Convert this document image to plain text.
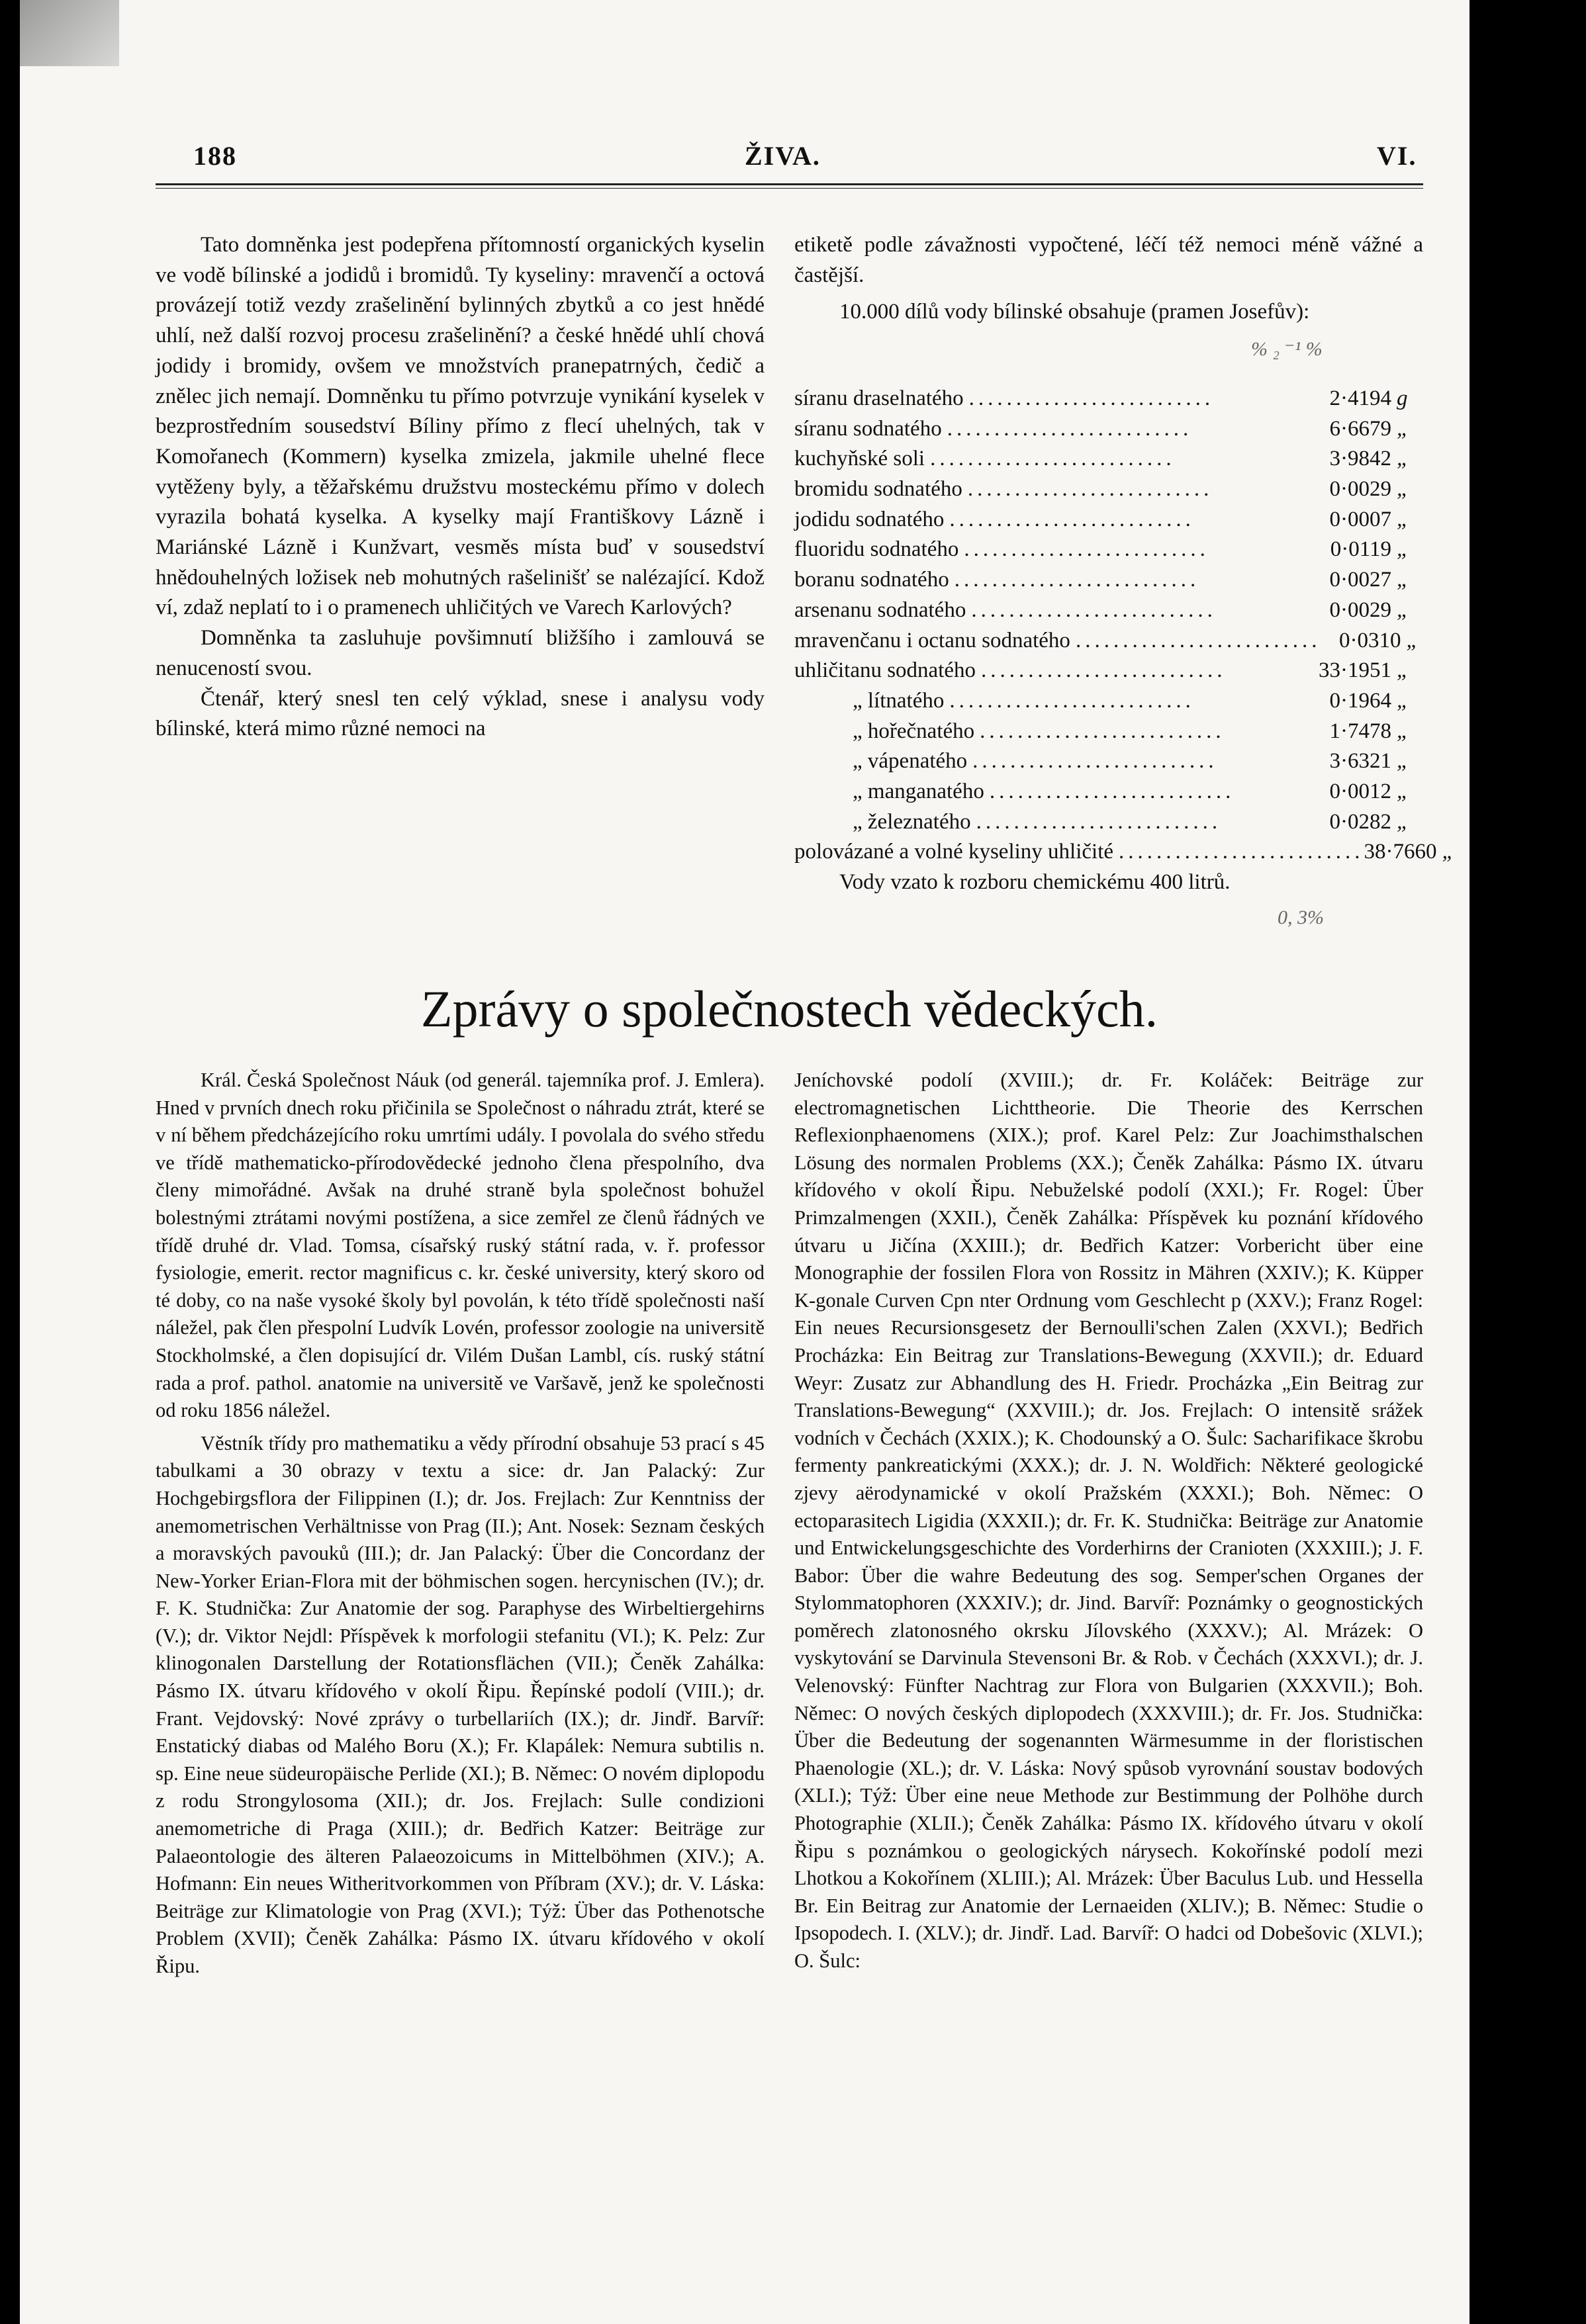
188	ŽIVA.	VI.

Tato domněnka jest podepřena přítomností organických kyselin ve vodě bílinské a jodidů i bromidů. Ty kyseliny: mravenčí a octová provázejí totiž vezdy zrašelinění bylinných zbytků a co jest hnědé uhlí, než další rozvoj procesu zrašelinění? a české hnědé uhlí chová jodidy i bromidy, ovšem ve množstvích pranepatrných, čedič a znělec jich nemají. Domněnku tu přímo potvrzuje vynikání kyselek v bezprostředním sousedství Bíliny přímo z flecí uhelných, tak v Komořanech (Kommern) kyselka zmizela, jakmile uhelné flece vytěženy byly, a těžařskému družstvu mosteckému přímo v dolech vyrazila bohatá kyselka. A kyselky mají Františkovy Lázně i Mariánské Lázně i Kunžvart, vesměs místa buď v sousedství hnědouhelných ložisek neb mohutných rašelinišť se nalézající. Kdož ví, zdaž neplatí to i o pramenech uhličitých ve Varech Karlových?

Domněnka ta zasluhuje povšimnutí bližšího i zamlouvá se nenuceností svou.

Čtenář, který snesl ten celý výklad, snese i analysu vody bílinské, která mimo různé nemoci na

etiketě podle závažnosti vypočtené, léčí též nemoci méně vážné a častější.

10.000 dílů vody bílinské obsahuje (pramen Josefův):

% ₂ ⁻¹ %
síranu draselnatého ..........................	2·4194 g
síranu sodnatého ..........................	6·6679 „
kuchyňské soli ..........................	3·9842 „
bromidu sodnatého ..........................	0·0029 „
jodidu sodnatého ..........................	0·0007 „
fluoridu sodnatého ..........................	0·0119 „
boranu sodnatého ..........................	0·0027 „
arsenanu sodnatého ..........................	0·0029 „
mravenčanu i octanu sodnatého .......................... 0·0310 „
uhličitanu sodnatého ..........................	33·1951 „
„ lítnatého ..........................	0·1964 „
„ hořečnatého ..........................	1·7478 „
„ vápenatého ..........................	3·6321 „
„ manganatého ..........................	0·0012 „
„ železnatého ..........................	0·0282 „
polovázané a volné kyseliny uhličité .......................... 38·7660 „
Vody vzato k rozboru chemickému 400 litrů.
0, 3%
Zprávy o společnostech vědeckých.

Král. Česká Společnost Náuk (od generál. tajemníka prof. J. Emlera). Hned v prvních dnech roku přičinila se Společnost o náhradu ztrát, které se v ní během předcházejícího roku umrtími udály. I povolala do svého středu ve třídě mathematicko-přírodovědecké jednoho člena přespolního, dva členy mimořádné. Avšak na druhé straně byla společnost bohužel bolestnými ztrátami novými postížena, a sice zemřel ze členů řádných ve třídě druhé dr. Vlad. Tomsa, císařský ruský státní rada, v. ř. professor fysiologie, emerit. rector magnificus c. kr. české university, který skoro od té doby, co na naše vysoké školy byl povolán, k této třídě společnosti naší náležel, pak člen přespolní Ludvík Lovén, professor zoologie na universitě Stockholmské, a člen dopisující dr. Vilém Dušan Lambl, cís. ruský státní rada a prof. pathol. anatomie na universitě ve Varšavě, jenž ke společnosti od roku 1856 náležel.

Věstník třídy pro mathematiku a vědy přírodní obsahuje 53 prací s 45 tabulkami a 30 obrazy v textu a sice: dr. Jan Palacký: Zur Hochgebirgsflora der Filippinen (I.); dr. Jos. Frejlach: Zur Kenntniss der anemometrischen Verhältnisse von Prag (II.); Ant. Nosek: Seznam českých a moravských pavouků (III.); dr. Jan Palacký: Über die Concordanz der New-Yorker Erian-Flora mit der böhmischen sogen. hercynischen (IV.); dr. F. K. Studnička: Zur Anatomie der sog. Paraphyse des Wirbeltiergehirns (V.); dr. Viktor Nejdl: Příspěvek k morfologii stefanitu (VI.); K. Pelz: Zur klinogonalen Darstellung der Rotationsflächen (VII.); Čeněk Zahálka: Pásmo IX. útvaru křídového v okolí Řipu. Řepínské podolí (VIII.); dr. Frant. Vejdovský: Nové zprávy o turbellariích (IX.); dr. Jindř. Barvíř: Enstatický diabas od Malého Boru (X.); Fr. Klapálek: Nemura subtilis n. sp. Eine neue südeuropäische Perlide (XI.); B. Němec: O novém diplopodu z rodu Strongylosoma (XII.); dr. Jos. Frejlach: Sulle condizioni anemometriche di Praga (XIII.); dr. Bedřich Katzer: Beiträge zur Palaeontologie des älteren Palaeozoicums in Mittelböhmen (XIV.); A. Hofmann: Ein neues Witheritvorkommen von Příbram (XV.); dr. V. Láska: Beiträge zur Klimatologie von Prag (XVI.); Týž: Über das Pothenotsche Problem (XVII); Čeněk Zahálka: Pásmo IX. útvaru křídového v okolí Řipu.

Jeníchovské podolí (XVIII.); dr. Fr. Koláček: Beiträge zur electromagnetischen Lichttheorie. Die Theorie des Kerrschen Reflexionphaenomens (XIX.); prof. Karel Pelz: Zur Joachimsthalschen Lösung des normalen Problems (XX.); Čeněk Zahálka: Pásmo IX. útvaru křídového v okolí Řipu. Nebuželské podolí (XXI.); Fr. Rogel: Über Primzalmengen (XXII.), Čeněk Zahálka: Příspěvek ku poznání křídového útvaru u Jičína (XXIII.); dr. Bedřich Katzer: Vorbericht über eine Monographie der fossilen Flora von Rossitz in Mähren (XXIV.); K. Küpper K-gonale Curven Cpn nter Ordnung vom Geschlecht p (XXV.); Franz Rogel: Ein neues Recursionsgesetz der Bernoulli'schen Zalen (XXVI.); Bedřich Procházka: Ein Beitrag zur Translations-Bewegung (XXVII.); dr. Eduard Weyr: Zusatz zur Abhandlung des H. Friedr. Procházka „Ein Beitrag zur Translations-Bewegung“ (XXVIII.); dr. Jos. Frejlach: O intensitě srážek vodních v Čechách (XXIX.); K. Chodounský a O. Šulc: Sacharifikace škrobu fermenty pankreatickými (XXX.); dr. J. N. Woldřich: Některé geologické zjevy aërodynamické v okolí Pražském (XXXI.); Boh. Němec: O ectoparasitech Ligidia (XXXII.); dr. Fr. K. Studnička: Beiträge zur Anatomie und Entwickelungsgeschichte des Vorderhirns der Cranioten (XXXIII.); J. F. Babor: Über die wahre Bedeutung des sog. Semper'schen Organes der Stylommatophoren (XXXIV.); dr. Jind. Barvíř: Poznámky o geognostických poměrech zlatonosného okrsku Jílovského (XXXV.); Al. Mrázek: O vyskytování se Darvinula Stevensoni Br. & Rob. v Čechách (XXXVI.); dr. J. Velenovský: Fünfter Nachtrag zur Flora von Bulgarien (XXXVII.); Boh. Němec: O nových českých diplopodech (XXXVIII.); dr. Fr. Jos. Studnička: Über die Bedeutung der sogenannten Wärmesumme in der floristischen Phaenologie (XL.); dr. V. Láska: Nový spůsob vyrovnání soustav bodových (XLI.); Týž: Über eine neue Methode zur Bestimmung der Polhöhe durch Photographie (XLII.); Čeněk Zahálka: Pásmo IX. křídového útvaru v okolí Řipu s poznámkou o geologických nárysech. Kokořínské podolí mezi Lhotkou a Kokořínem (XLIII.); Al. Mrázek: Über Baculus Lub. und Hessella Br. Ein Beitrag zur Anatomie der Lernaeiden (XLIV.); B. Němec: Studie o Ipsopodech. I. (XLV.); dr. Jindř. Lad. Barvíř: O hadci od Dobešovic (XLVI.); O. Šulc:
